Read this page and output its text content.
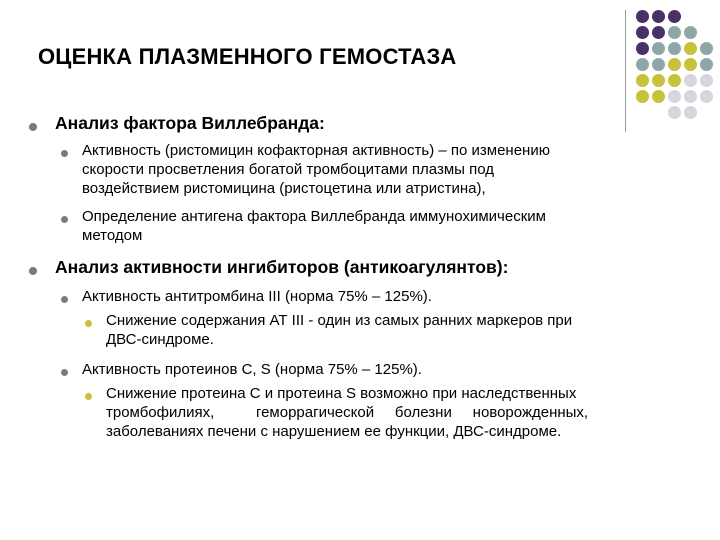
ОЦЕНКА ПЛАЗМЕННОГО ГЕМОСТАЗА
Анализ фактора Виллебранда:
Активность (ристомицин кофакторная активность) – по изменению
скорости просветления богатой тромбоцитами плазмы под
воздействием ристомицина (ристоцетина или атристина),
Определение антигена фактора Виллебранда иммунохимическим
методом
Анализ активности ингибиторов (антикоагулянтов):
Активность антитромбина III (норма 75% – 125%).
Снижение содержания АТ III - один из самых ранних маркеров при
ДВС-синдроме.
Активность протеинов С, S (норма 75% – 125%).
Снижение протеина С и протеина S возможно при наследственных
тромбофилиях,          геморрагической     болезни     новорожденных,
заболеваниях печени с нарушением ее функции, ДВС-синдроме.
